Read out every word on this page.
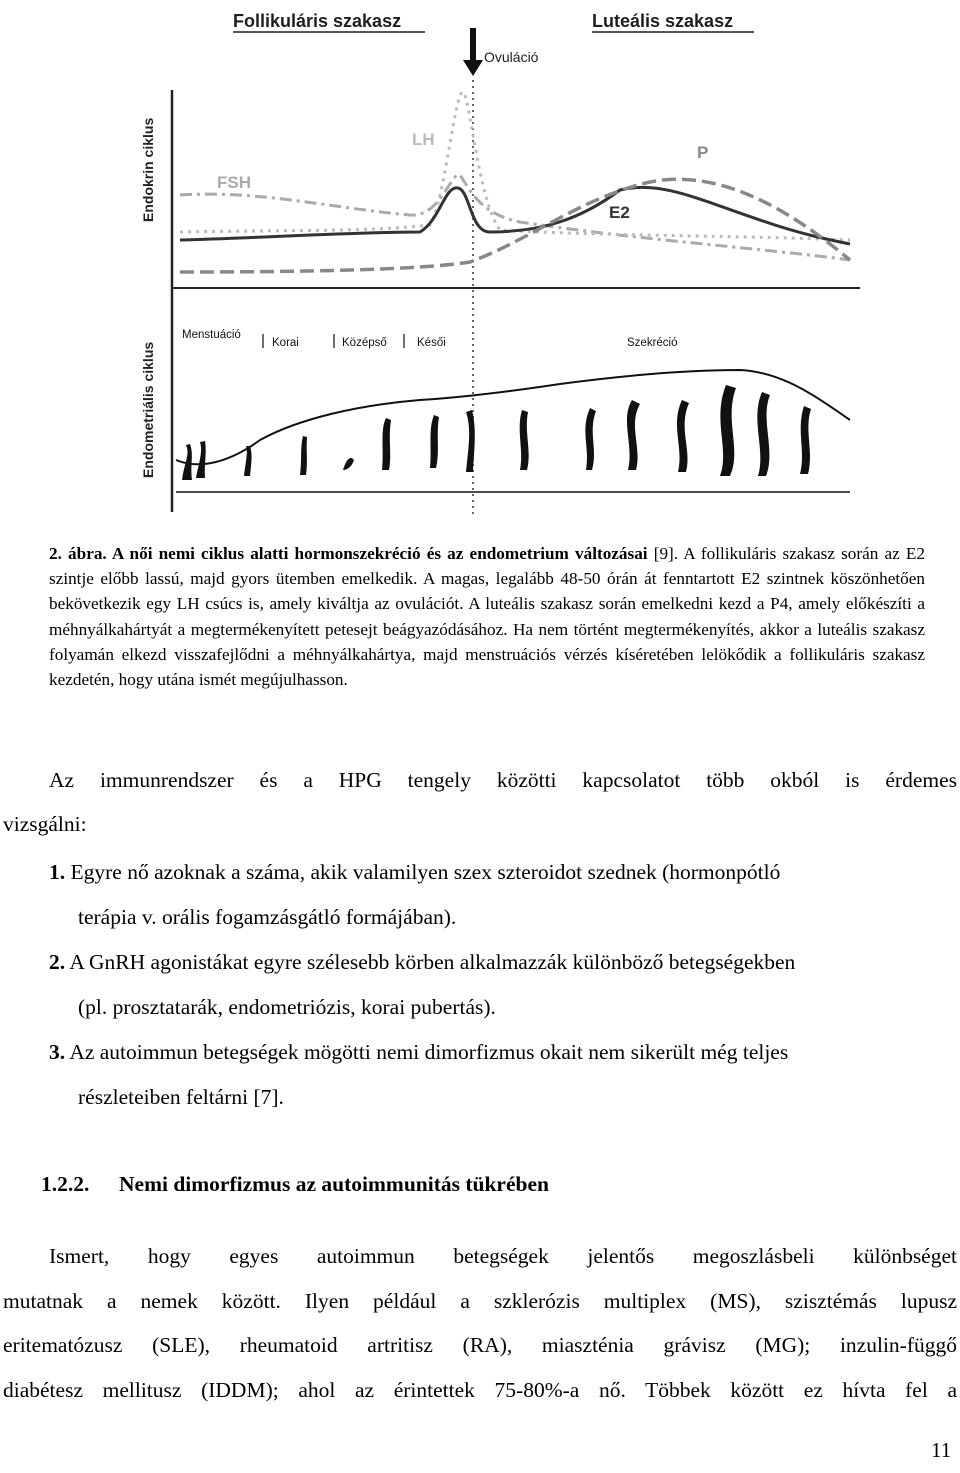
Follikuláris szakasz	Luteális szakasz
Ovuláció
Endokrin ciklus
Endometriális ciklus
LH
FSH
P
E2
Menstuáció
Korai	Középső	Késői	Szekréció
2. ábra. A női nemi ciklus alatti hormonszekréció és az endometrium változásai [9]. A follikuláris szakasz során az E2 szintje előbb lassú, majd gyors ütemben emelkedik. A magas, legalább 48-50 órán át fenntartott E2 szintnek köszönhetően bekövetkezik egy LH csúcs is, amely kiváltja az ovulációt. A luteális szakasz során emelkedni kezd a P4, amely előkészíti a méhnyálkahártyát a megtermékenyített petesejt beágyazódásához. Ha nem történt megtermékenyítés, akkor a luteális szakasz folyamán elkezd visszafejlődni a méhnyálkahártya, majd menstruációs vérzés kíséretében lelökődik a follikuláris szakasz kezdetén, hogy utána ismét megújulhasson.
Az immunrendszer és a HPG tengely közötti kapcsolatot több okból is érdemes
vizsgálni:
1. Egyre nő azoknak a száma, akik valamilyen szex szteroidot szednek (hormonpótló
terápia v. orális fogamzásgátló formájában).
2. A GnRH agonistákat egyre szélesebb körben alkalmazzák különböző betegségekben
(pl. prosztatarák, endometriózis, korai pubertás).
3. Az autoimmun betegségek mögötti nemi dimorfizmus okait nem sikerült még teljes
részleteiben feltárni [7].
1.2.2. Nemi dimorfizmus az autoimmunitás tükrében
Ismert, hogy egyes autoimmun betegségek jelentős megoszlásbeli különbséget
mutatnak a nemek között. Ilyen például a szklerózis multiplex (MS), szisztémás lupusz
eritematózusz (SLE), rheumatoid artritisz (RA), miaszténia grávisz (MG); inzulin-függő
diabétesz mellitusz (IDDM); ahol az érintettek 75-80%-a nő. Többek között ez hívta fel a
11
